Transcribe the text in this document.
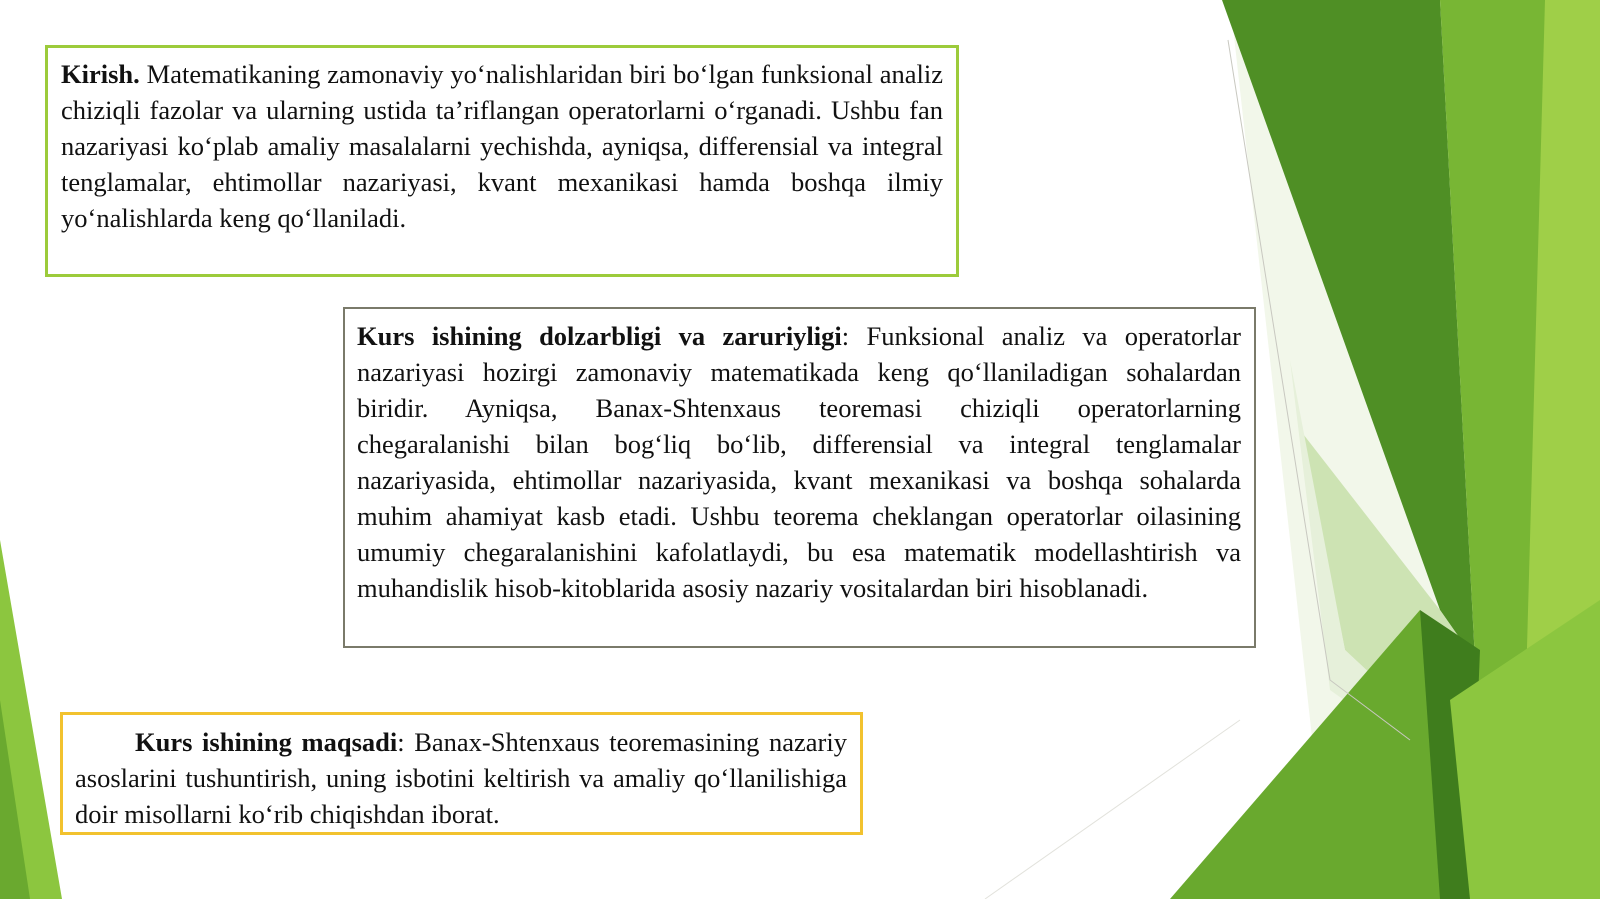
Kirish. Matematikaning zamonaviy yo‘nalishlaridan biri bo‘lgan funksional analiz chiziqli fazolar va ularning ustida ta’riflangan operatorlarni o‘rganadi. Ushbu fan nazariyasi ko‘plab amaliy masalalarni yechishda, ayniqsa, differensial va integral tenglamalar, ehtimollar nazariyasi, kvant mexanikasi hamda boshqa ilmiy yo‘nalishlarda keng qo‘llaniladi.
Kurs ishining dolzarbligi va zaruriyligi: Funksional analiz va operatorlar nazariyasi hozirgi zamonaviy matematikada keng qo‘llaniladigan sohalardan biridir. Ayniqsa, Banax-Shtenxaus teoremasi chiziqli operatorlarning chegaralanishi bilan bog‘liq bo‘lib, differensial va integral tenglamalar nazariyasida, ehtimollar nazariyasida, kvant mexanikasi va boshqa sohalarda muhim ahamiyat kasb etadi. Ushbu teorema cheklangan operatorlar oilasining umumiy chegaralanishini kafolatlaydi, bu esa matematik modellashtirish va muhandislik hisob-kitoblarida asosiy nazariy vositalardan biri hisoblanadi.
Kurs ishining maqsadi: Banax-Shtenxaus teoremasining nazariy asoslarini tushuntirish, uning isbotini keltirish va amaliy qo‘llanilishiga doir misollarni ko‘rib chiqishdan iborat.
